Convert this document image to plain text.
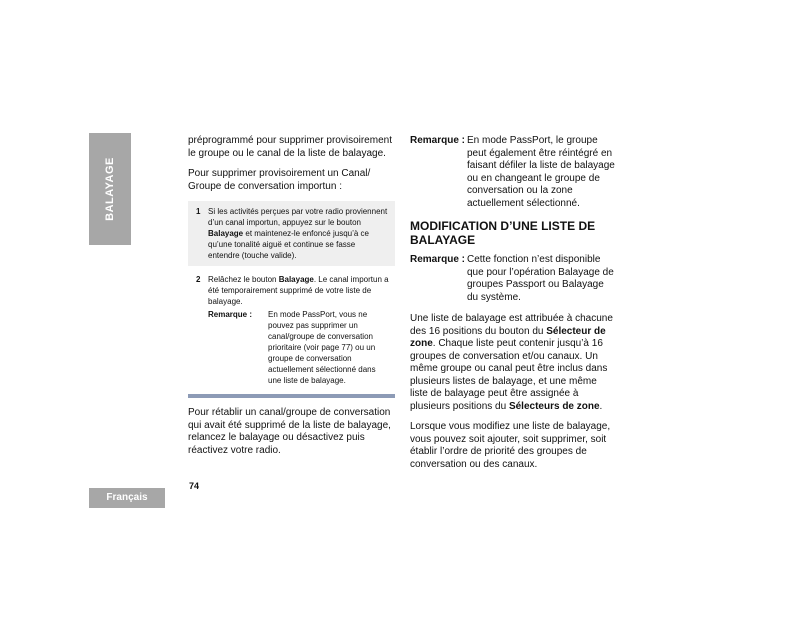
BALAYAGE
Français
74

préprogrammé pour supprimer provisoirement le groupe ou le canal de la liste de balayage.

Pour supprimer provisoirement un Canal/ Groupe de conversation importun :

1 Si les activités perçues par votre radio proviennent d’un canal importun, appuyez sur le bouton Balayage et maintenez-le enfoncé jusqu’à ce qu’une tonalité aiguë et continue se fasse entendre (touche valide).
2 Relâchez le bouton Balayage. Le canal importun a été temporairement supprimé de votre liste de balayage.
Remarque :	En mode PassPort, vous ne pouvez pas supprimer un canal/groupe de conversation prioritaire (voir page 77) ou un groupe de conversation actuellement sélectionné dans une liste de balayage.

Pour rétablir un canal/groupe de conversation qui avait été supprimé de la liste de balayage, relancez le balayage ou désactivez puis réactivez votre radio.

Remarque : En mode PassPort, le groupe peut également être réintégré en faisant défiler la liste de balayage ou en changeant le groupe de conversation ou la zone actuellement sélectionné.
MODIFICATION D’UNE LISTE DE BALAYAGE
Remarque : Cette fonction n’est disponible que pour l’opération Balayage de groupes Passport ou Balayage du système.

Une liste de balayage est attribuée à chacune des 16 positions du bouton du Sélecteur de zone. Chaque liste peut contenir jusqu’à 16 groupes de conversation et/ou canaux. Un même groupe ou canal peut être inclus dans plusieurs listes de balayage, et une même liste de balayage peut être assignée à plusieurs positions du Sélecteurs de zone.

Lorsque vous modifiez une liste de balayage, vous pouvez soit ajouter, soit supprimer, soit établir l’ordre de priorité des groupes de conversation ou des canaux.
